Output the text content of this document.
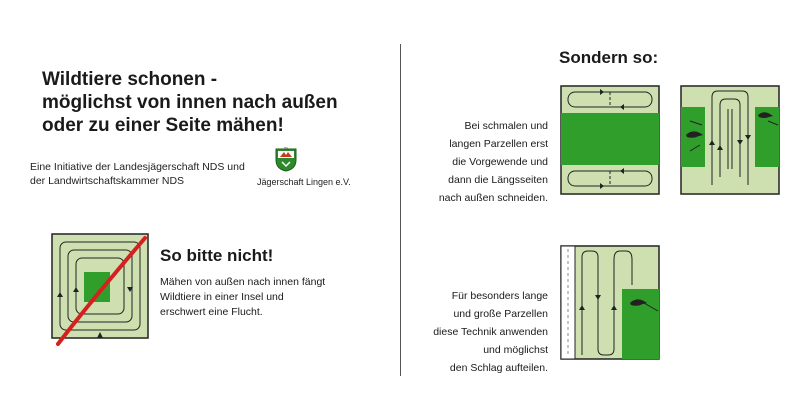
Wildtiere schonen -
möglichst von innen nach außen
oder zu einer Seite mähen!
Eine Initiative der Landesjägerschaft NDS und
der Landwirtschaftskammer NDS
JSL
Jägerschaft Lingen e.V.
So bitte nicht!
Mähen von außen nach innen fängt
Wildtiere in einer Insel und
erschwert eine Flucht.
Sondern so:
Bei schmalen und
langen Parzellen erst
die Vorgewende und
dann die Längsseiten
nach außen schneiden.
Für besonders lange
und große Parzellen
diese Technik anwenden
und möglichst
den Schlag aufteilen.
